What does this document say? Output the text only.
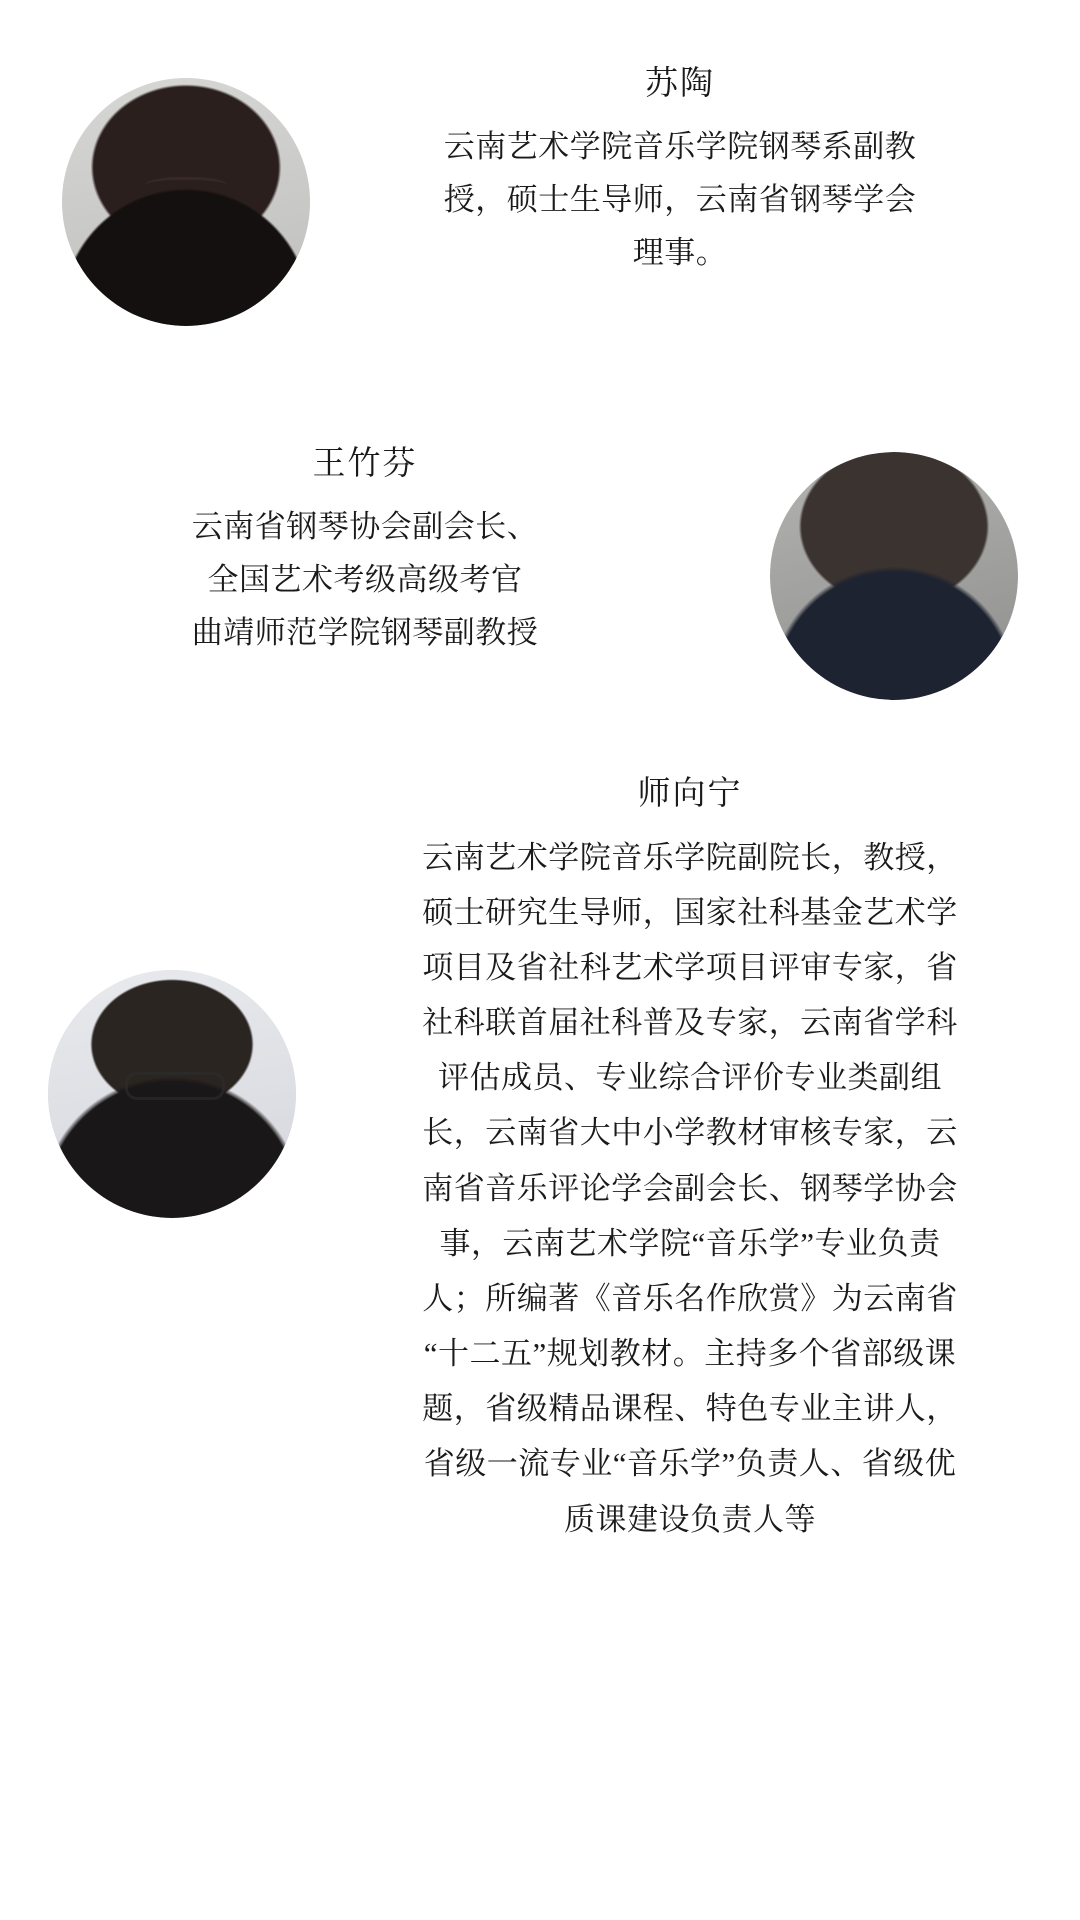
苏陶

云南艺术学院音乐学院钢琴系副教
授，硕士生导师，云南省钢琴学会
理事。

王竹芬

云南省钢琴协会副会长、
全国艺术考级高级考官
曲靖师范学院钢琴副教授

师向宁

云南艺术学院音乐学院副院长，教授，
硕士研究生导师，国家社科基金艺术学
项目及省社科艺术学项目评审专家，省
社科联首届社科普及专家，云南省学科
评估成员、专业综合评价专业类副组
长，云南省大中小学教材审核专家，云
南省音乐评论学会副会长、钢琴学协会
事，云南艺术学院“音乐学”专业负责
人；所编著《音乐名作欣赏》为云南省
“十二五”规划教材。主持多个省部级课
题，省级精品课程、特色专业主讲人，
省级一流专业“音乐学”负责人、省级优
质课建设负责人等
